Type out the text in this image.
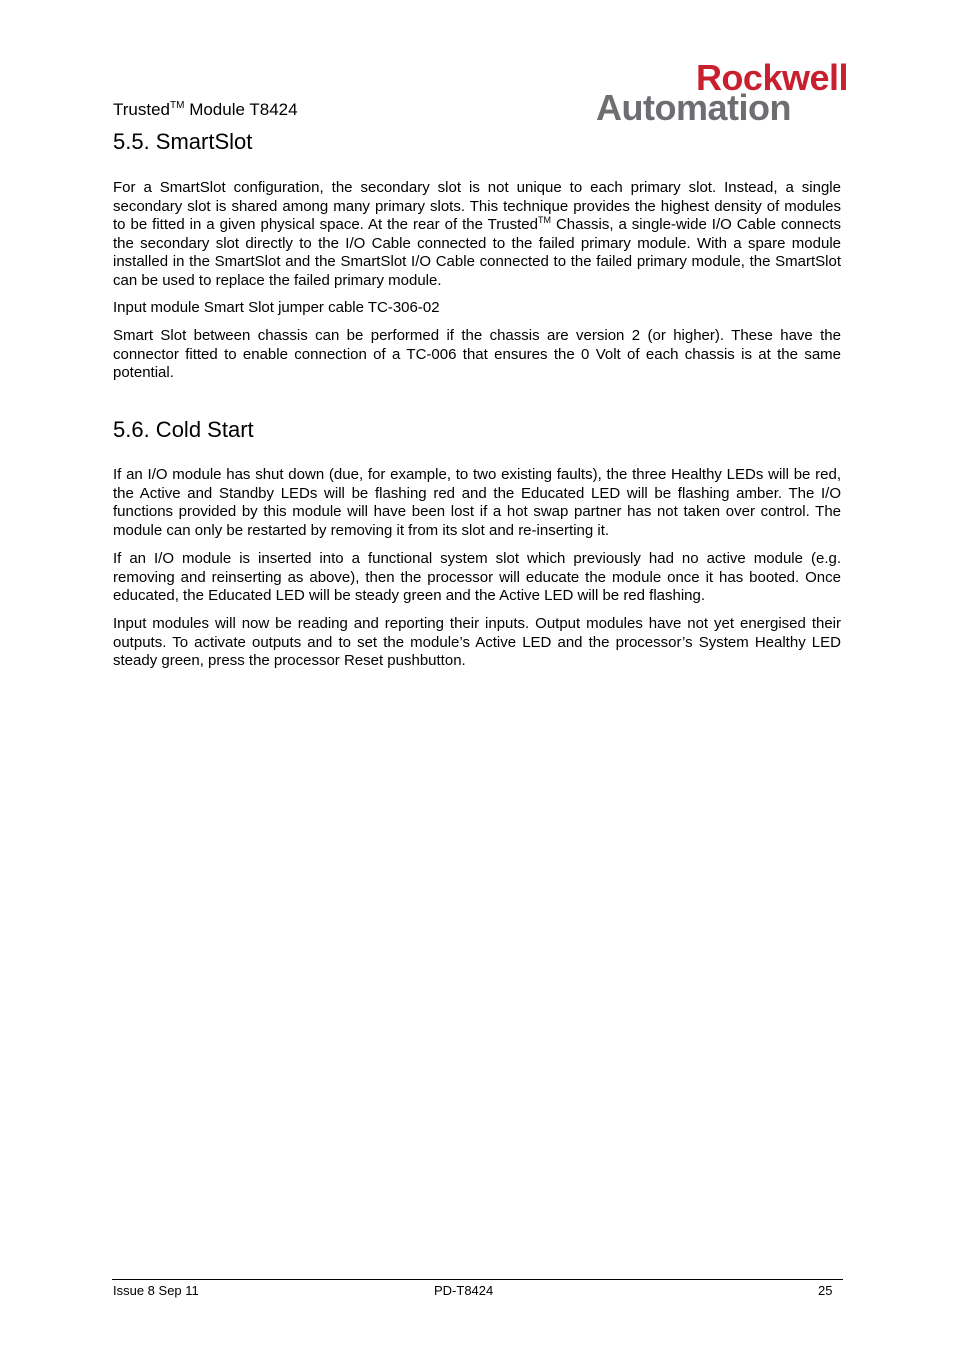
Rockwell
Automation
Trusted™ Module T8424
5.5. SmartSlot

For a SmartSlot configuration, the secondary slot is not unique to each primary slot. Instead, a single secondary slot is shared among many primary slots. This technique provides the highest density of modules to be fitted in a given physical space. At the rear of the Trusted™ Chassis, a single-wide I/O Cable connects the secondary slot directly to the I/O Cable connected to the failed primary module. With a spare module installed in the SmartSlot and the SmartSlot I/O Cable connected to the failed primary module, the SmartSlot can be used to replace the failed primary module.

Input module Smart Slot jumper cable TC-306-02

Smart Slot between chassis can be performed if the chassis are version 2 (or higher). These have the connector fitted to enable connection of a TC-006 that ensures the 0 Volt of each chassis is at the same potential.

5.6. Cold Start

If an I/O module has shut down (due, for example, to two existing faults), the three Healthy LEDs will be red, the Active and Standby LEDs will be flashing red and the Educated LED will be flashing amber. The I/O functions provided by this module will have been lost if a hot swap partner has not taken over control. The module can only be restarted by removing it from its slot and re-inserting it.

If an I/O module is inserted into a functional system slot which previously had no active module (e.g. removing and reinserting as above), then the processor will educate the module once it has booted. Once educated, the Educated LED will be steady green and the Active LED will be red flashing.

Input modules will now be reading and reporting their inputs. Output modules have not yet energised their outputs. To activate outputs and to set the module’s Active LED and the processor’s System Healthy LED steady green, press the processor Reset pushbutton.

Issue 8 Sep 11	PD-T8424	25
